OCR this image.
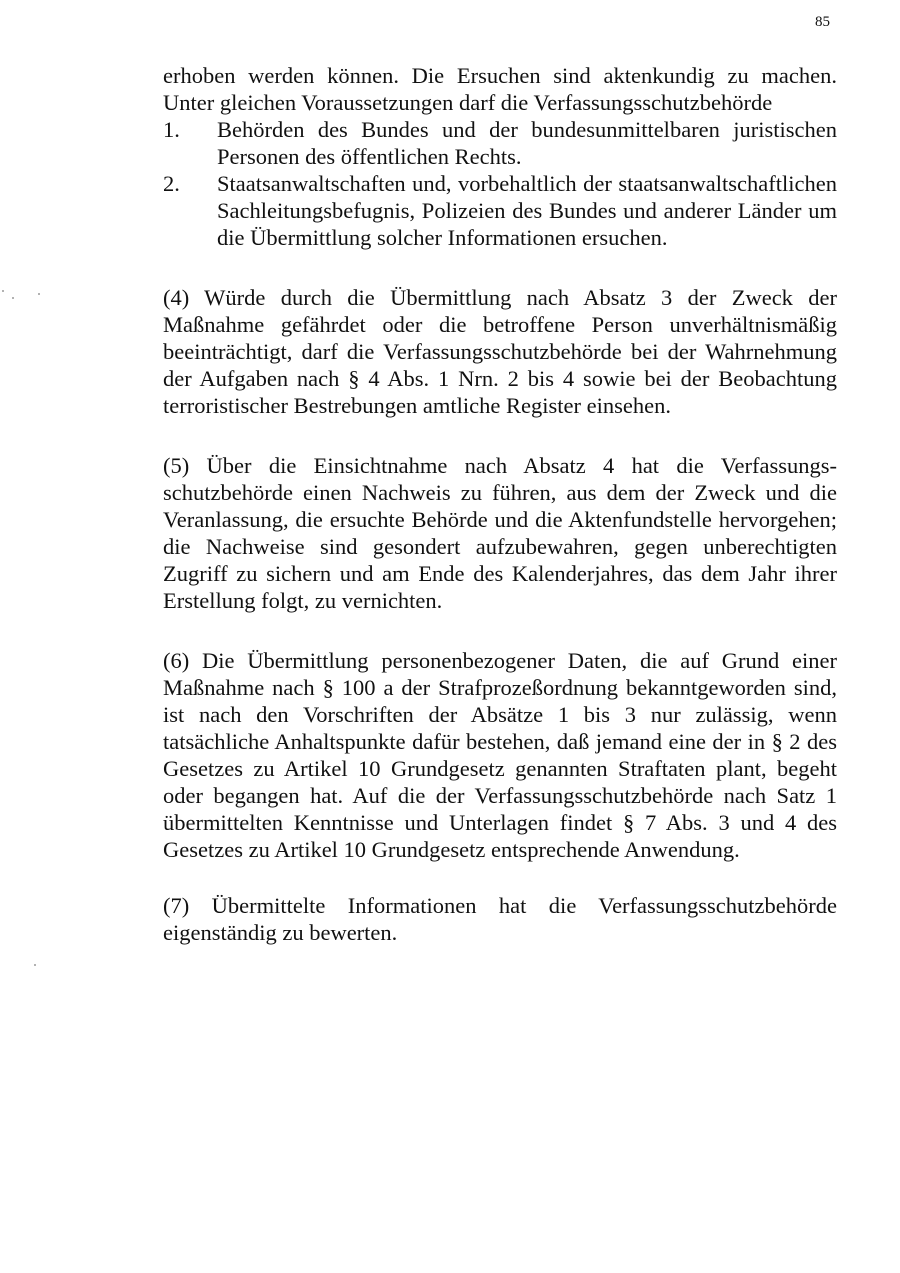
85

erhoben werden können. Die Ersuchen sind aktenkundig zu machen. Unter gleichen Voraussetzungen darf die Verfassungsschutzbehörde

1.	Behörden des Bundes und der bundesunmittelbaren juristischen Personen des öffentlichen Rechts.
2.	Staatsanwaltschaften und, vorbehaltlich der staatsanwaltschaftlichen Sachleitungsbefugnis, Polizeien des Bundes und anderer Länder um die Übermittlung solcher Informationen ersuchen.

(4) Würde durch die Übermittlung nach Absatz 3 der Zweck der Maßnahme gefährdet oder die betroffene Person unverhältnismäßig beeinträchtigt, darf die Verfassungsschutzbehörde bei der Wahrnehmung der Aufgaben nach § 4 Abs. 1 Nrn. 2 bis 4 sowie bei der Beobachtung terroristischer Bestrebungen amtliche Register einsehen.

(5) Über die Einsichtnahme nach Absatz 4 hat die Verfassungsschutzbehörde einen Nachweis zu führen, aus dem der Zweck und die Veranlassung, die ersuchte Behörde und die Aktenfundstelle hervorgehen; die Nachweise sind gesondert aufzubewahren, gegen unberechtigten Zugriff zu sichern und am Ende des Kalenderjahres, das dem Jahr ihrer Erstellung folgt, zu vernichten.

(6) Die Übermittlung personenbezogener Daten, die auf Grund einer Maßnahme nach § 100 a der Strafprozeßordnung bekanntgeworden sind, ist nach den Vorschriften der Absätze 1 bis 3 nur zulässig, wenn tatsächliche Anhaltspunkte dafür bestehen, daß jemand eine der in § 2 des Gesetzes zu Artikel 10 Grundgesetz genannten Straftaten plant, begeht oder begangen hat. Auf die der Verfassungsschutzbehörde nach Satz 1 übermittelten Kenntnisse und Unterlagen findet § 7 Abs. 3 und 4 des Gesetzes zu Artikel 10 Grundgesetz entsprechende Anwendung.

(7) Übermittelte Informationen hat die Verfassungsschutzbehörde eigenständig zu bewerten.
